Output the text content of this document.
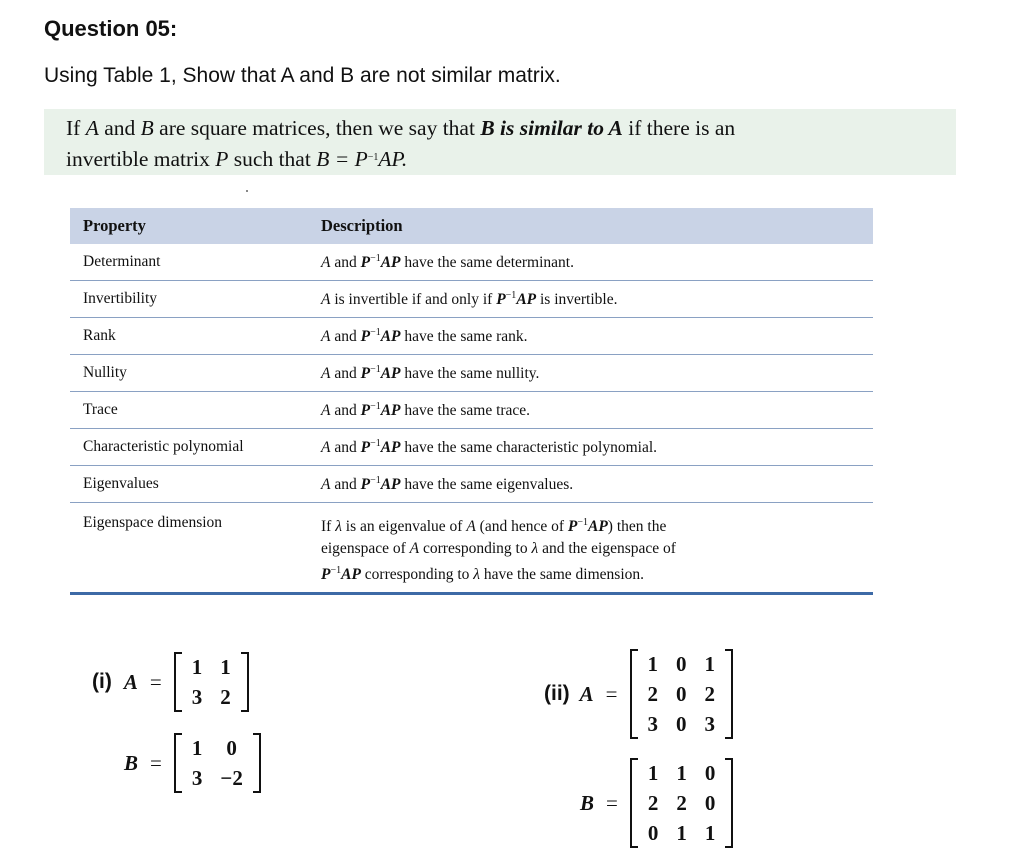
Question 05:
Using Table 1, Show that A and B are not similar matrix.
If A and B are square matrices, then we say that B is similar to A if there is an
invertible matrix P such that $B = P^{-1}AP$.
Property	Description
Determinant	A and $P^{-1}AP$ have the same determinant.
Invertibility	A is invertible if and only if $P^{-1}AP$ is invertible.
Rank	A and $P^{-1}AP$ have the same rank.
Nullity	A and $P^{-1}AP$ have the same nullity.
Trace	A and $P^{-1}AP$ have the same trace.
Characteristic polynomial	A and $P^{-1}AP$ have the same characteristic polynomial.
Eigenvalues	A and $P^{-1}AP$ have the same eigenvalues.
Eigenspace dimension	If λ is an eigenvalue of A (and hence of $P^{-1}AP$) then the
eigenspace of A corresponding to λ and the eigenspace of
$P^{-1}AP$ corresponding to λ have the same dimension.
(i) A =
1 1
3 2
B =
1	0
3 −2
(ii) A =
1 0 1
2 0 2
3 0 3
B =
1 1 0
2 2 0
0 1 1
